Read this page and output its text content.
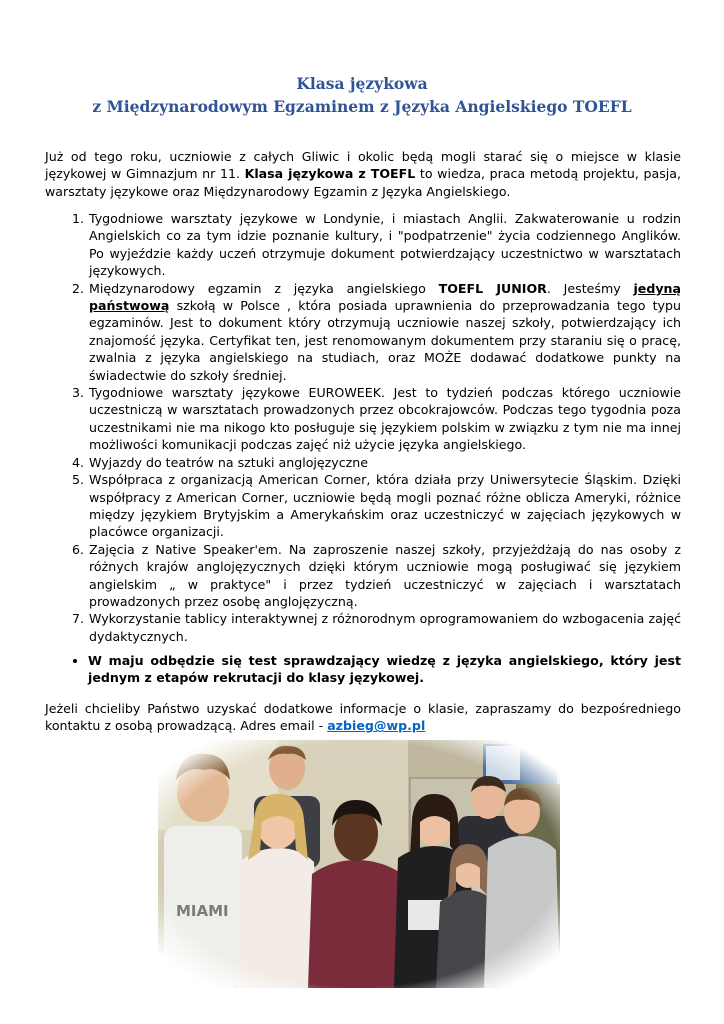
Klasa językowa
z Międzynarodowym Egzaminem z Języka Angielskiego TOEFL

Już od tego roku, uczniowie z całych Gliwic i okolic będą mogli starać się o miejsce w klasie językowej w Gimnazjum nr 11. Klasa językowa z TOEFL to wiedza, praca metodą projektu, pasja, warsztaty językowe oraz Międzynarodowy Egzamin z Języka Angielskiego.

1. Tygodniowe warsztaty językowe w Londynie, i miastach Anglii. Zakwaterowanie u rodzin Angielskich co za tym idzie poznanie kultury, i "podpatrzenie" życia codziennego Anglików. Po wyjeździe każdy uczeń otrzymuje dokument potwierdzający uczestnictwo w warsztatach językowych.
2. Międzynarodowy egzamin z języka angielskiego TOEFL JUNIOR. Jesteśmy jedyną państwową szkołą w Polsce , która posiada uprawnienia do przeprowadzania tego typu egzaminów. Jest to dokument który otrzymują uczniowie naszej szkoły, potwierdzający ich znajomość języka. Certyfikat ten, jest renomowanym dokumentem przy staraniu się o pracę, zwalnia z języka angielskiego na studiach, oraz MOŻE dodawać dodatkowe punkty na świadectwie do szkoły średniej.
3. Tygodniowe warsztaty językowe EUROWEEK. Jest to tydzień podczas którego uczniowie uczestniczą w warsztatach prowadzonych przez obcokrajowców. Podczas tego tygodnia poza uczestnikami nie ma nikogo kto posługuje się językiem polskim w związku z tym nie ma innej możliwości komunikacji podczas zajęć niż użycie języka angielskiego.
4. Wyjazdy do teatrów na sztuki anglojęzyczne
5. Współpraca z organizacją American Corner, która działa przy Uniwersytecie Śląskim. Dzięki współpracy z American Corner, uczniowie będą mogli poznać różne oblicza Ameryki, różnice między językiem Brytyjskim a Amerykańskim oraz uczestniczyć w zajęciach językowych w placówce organizacji.
6. Zajęcia z Native Speaker'em. Na zaproszenie naszej szkoły, przyjeżdżają do nas osoby z różnych krajów anglojęzycznych dzięki którym uczniowie mogą posługiwać się językiem angielskim „ w praktyce" i przez tydzień uczestniczyć w zajęciach i warsztatach prowadzonych przez osobę anglojęzyczną.
7. Wykorzystanie tablicy interaktywnej z różnorodnym oprogramowaniem do wzbogacenia zajęć dydaktycznych.
• W maju odbędzie się test sprawdzający wiedzę z języka angielskiego, który jest jednym z etapów rekrutacji do klasy językowej.

Jeżeli chcieliby Państwo uzyskać dodatkowe informacje o klasie, zapraszamy do bezpośredniego kontaktu z osobą prowadzącą. Adres email - azbieg@wp.pl
